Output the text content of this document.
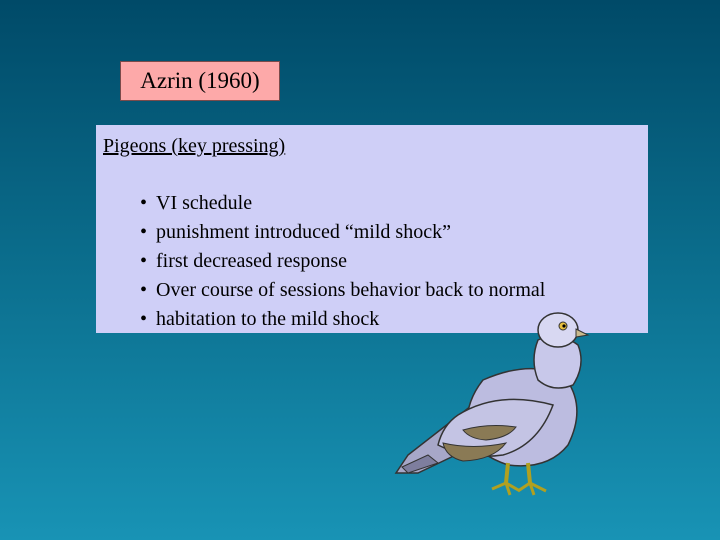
Azrin (1960)
Pigeons (key pressing)
• VI schedule
• punishment introduced “mild shock”
• first decreased response
• Over course of sessions behavior back to normal
• habitation to the mild shock
